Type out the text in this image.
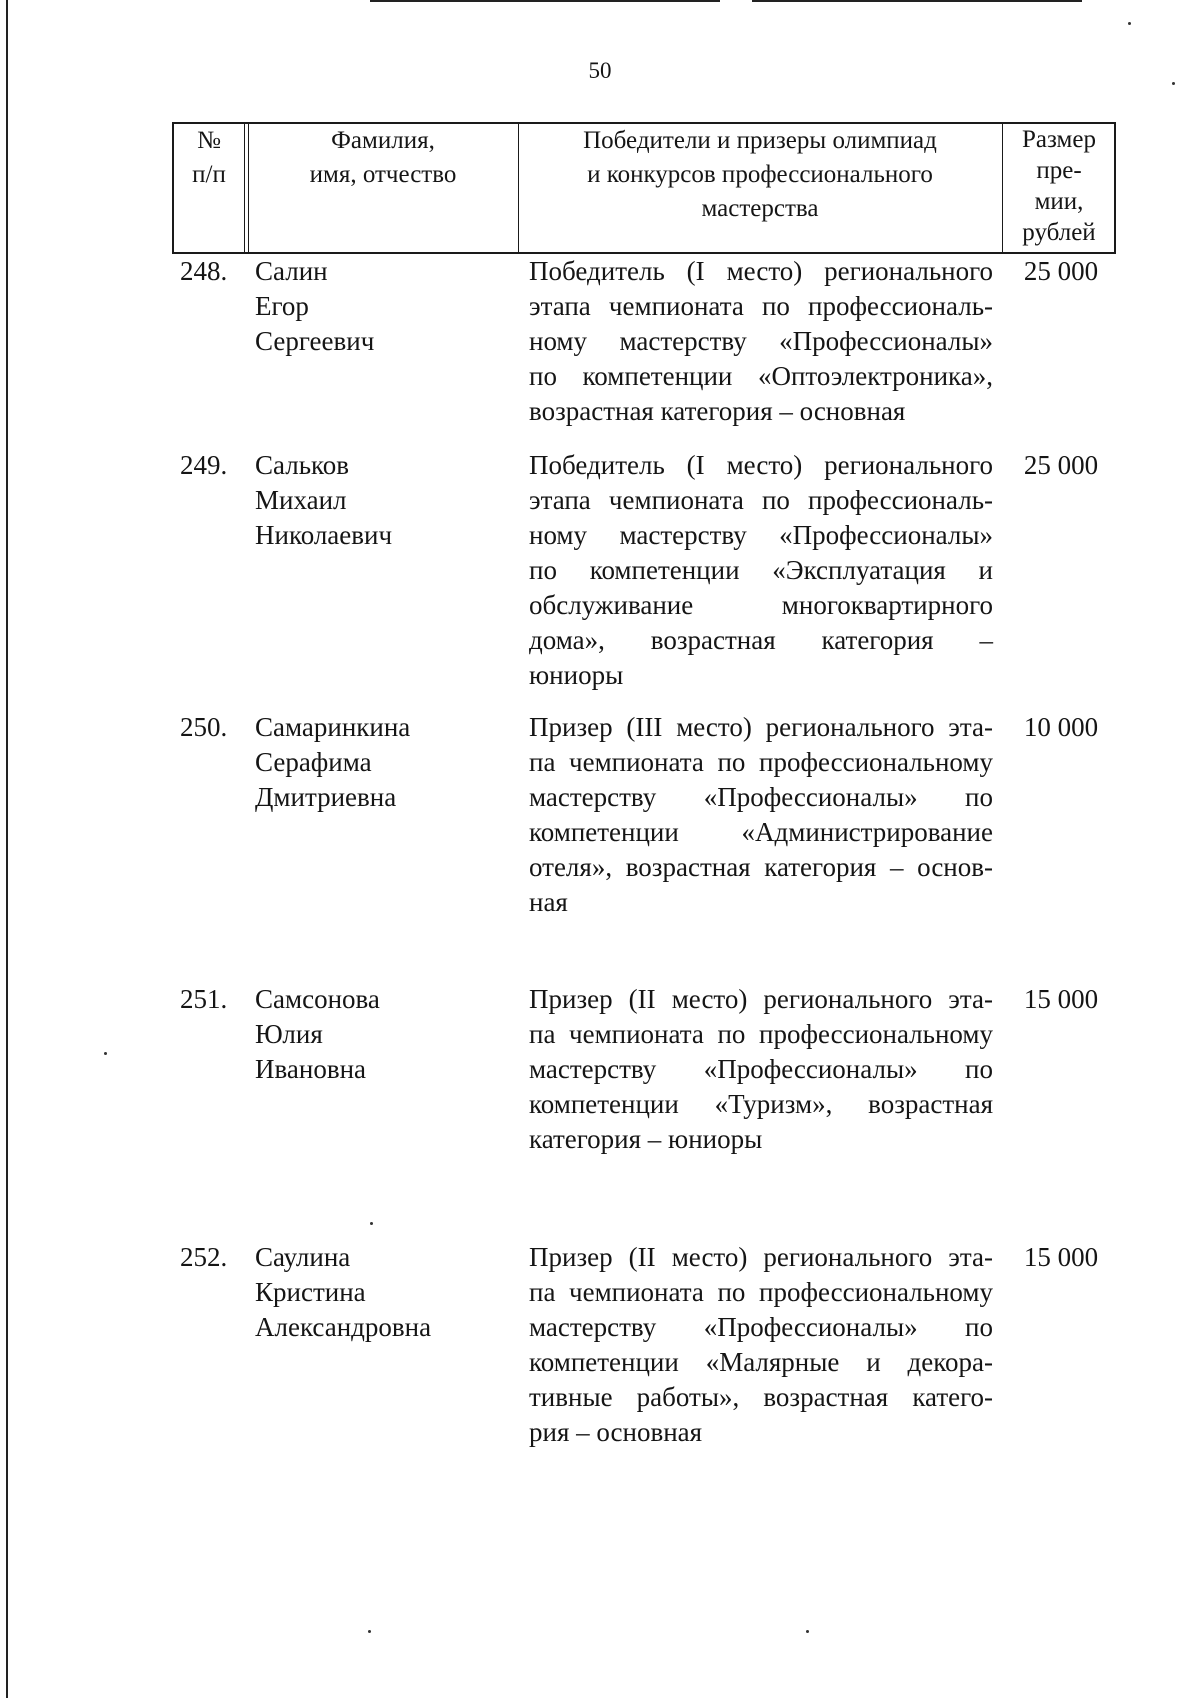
50
№
п/п
Фамилия,
имя, отчество
Победители и призеры олимпиад
и конкурсов профессионального
мастерства
Размер
пре-
мии,
рублей
248. Салин
Егор
Сергеевич
Победитель (I место) регионального
этапа чемпионата по профессиональ-
ному мастерству «Профессионалы»
по компетенции «Оптоэлектроника»,
возрастная категория – основная
25 000
249. Сальков
Михаил
Николаевич
Победитель (I место) регионального
этапа чемпионата по профессиональ-
ному мастерству «Профессионалы»
по компетенции «Эксплуатация и
обслуживание многоквартирного
дома», возрастная категория –
юниоры
25 000
250. Самаринкина
Серафима
Дмитриевна
Призер (III место) регионального эта-
па чемпионата по профессиональному
мастерству «Профессионалы» по
компетенции «Администрирование
отеля», возрастная категория – основ-
ная
10 000
251. Самсонова
Юлия
Ивановна
Призер (II место) регионального эта-
па чемпионата по профессиональному
мастерству «Профессионалы» по
компетенции «Туризм», возрастная
категория – юниоры
15 000
252. Саулина
Кристина
Александровна
Призер (II место) регионального эта-
па чемпионата по профессиональному
мастерству «Профессионалы» по
компетенции «Малярные и декора-
тивные работы», возрастная катего-
рия – основная
15 000
